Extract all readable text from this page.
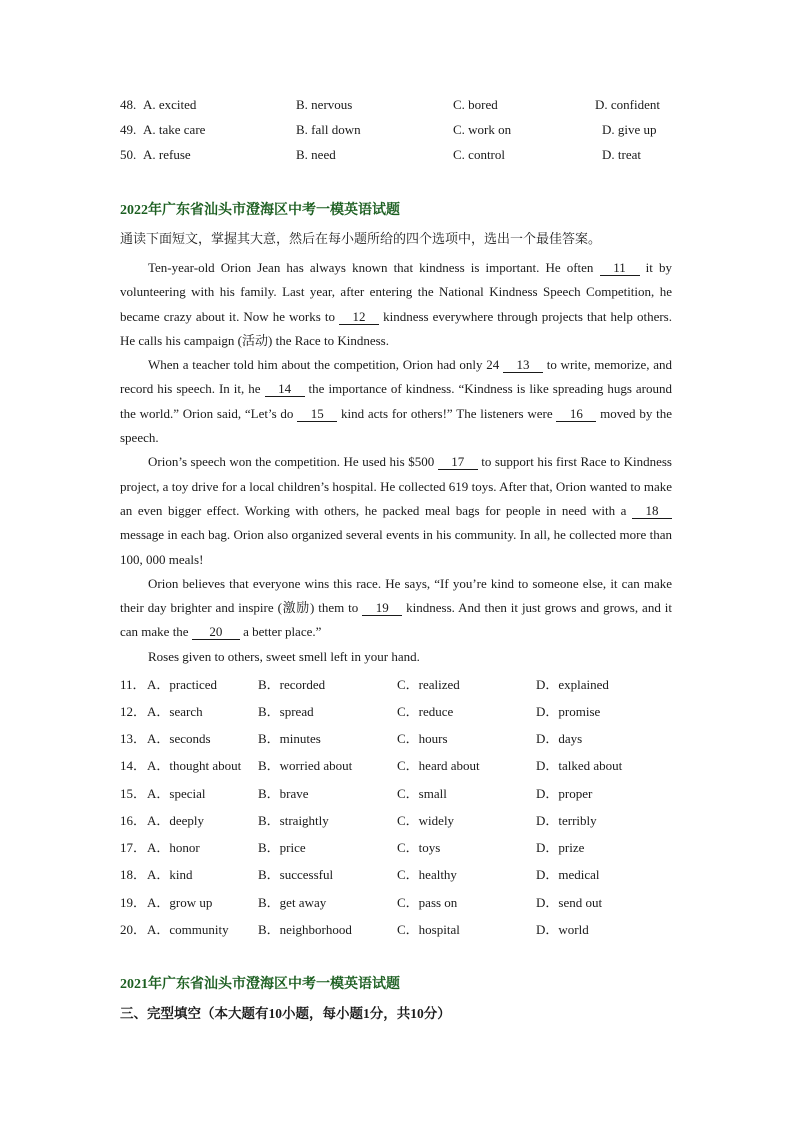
48. A. excited	B. nervous	C. bored	D. confident
49. A. take care	B. fall down	C. work on	D. give up
50. A. refuse	B. need	C. control	D. treat
2022年广东省汕头市澄海区中考一模英语试题
通读下面短文，掌握其大意，然后在每小题所给的四个选项中，选出一个最佳答案。

Ten-year-old Orion Jean has always known that kindness is important. He often 11 it by volunteering with his family. Last year, after entering the National Kindness Speech Competition, he became crazy about it. Now he works to 12 kindness everywhere through projects that help others. He calls his campaign (活动) the Race to Kindness.

When a teacher told him about the competition, Orion had only 24 13 to write, memorize, and record his speech. In it, he 14 the importance of kindness. “Kindness is like spreading hugs around the world.” Orion said, “Let’s do 15 kind acts for others!” The listeners were 16 moved by the speech.

Orion’s speech won the competition. He used his $500 17 to support his first Race to Kindness project, a toy drive for a local children’s hospital. He collected 619 toys. After that, Orion wanted to make an even bigger effect. Working with others, he packed meal bags for people in need with a 18 message in each bag. Orion also organized several events in his community. In all, he collected more than 100, 000 meals!

Orion believes that everyone wins this race. He says, “If you’re kind to someone else, it can make their day brighter and inspire (激励) them to 19 kindness. And then it just grows and grows, and it can make the 20 a better place.”

Roses given to others, sweet smell left in your hand.

11． A．practiced	B．recorded	C．realized	D．explained
12． A．search	B．spread	C．reduce	D．promise
13． A．seconds	B．minutes	C．hours	D．days
14． A．thought about B．worried about	C．heard about	D．talked about
15． A．special	B．brave	C．small	D．proper
16． A．deeply	B．straightly	C．widely	D．terribly
17． A．honor	B．price	C．toys	D．prize
18． A．kind	B．successful	C．healthy	D．medical
19． A．grow up	B．get away	C．pass on	D．send out
20． A．community B．neighborhood	C．hospital	D．world
2021年广东省汕头市澄海区中考一模英语试题
三、完型填空（本大题有10小题，每小题1分，共10分）
